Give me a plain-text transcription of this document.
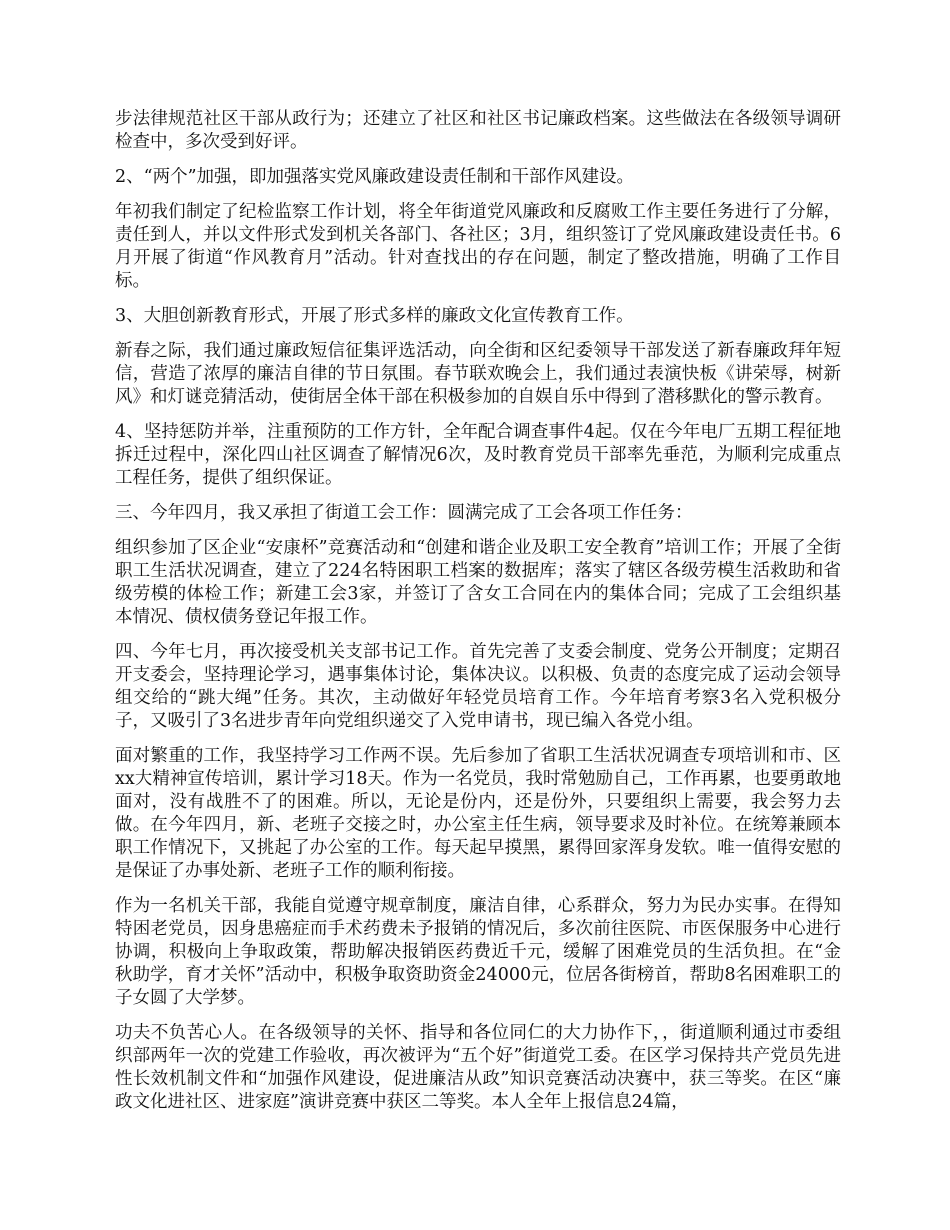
步法律规范社区干部从政行为；还建立了社区和社区书记廉政档案。这些做法在各级领导调研检查中，多次受到好评。

2、“两个”加强，即加强落实党风廉政建设责任制和干部作风建设。

年初我们制定了纪检监察工作计划，将全年街道党风廉政和反腐败工作主要任务进行了分解，责任到人，并以文件形式发到机关各部门、各社区；3月，组织签订了党风廉政建设责任书。6月开展了街道“作风教育月”活动。针对查找出的存在问题，制定了整改措施，明确了工作目标。

3、大胆创新教育形式，开展了形式多样的廉政文化宣传教育工作。

新春之际，我们通过廉政短信征集评选活动，向全街和区纪委领导干部发送了新春廉政拜年短信，营造了浓厚的廉洁自律的节日氛围。春节联欢晚会上，我们通过表演快板《讲荣辱，树新风》和灯谜竞猜活动，使街居全体干部在积极参加的自娱自乐中得到了潜移默化的警示教育。

4、坚持惩防并举，注重预防的工作方针，全年配合调查事件4起。仅在今年电厂五期工程征地拆迁过程中，深化四山社区调查了解情况6次，及时教育党员干部率先垂范，为顺利完成重点工程任务，提供了组织保证。

三、今年四月，我又承担了街道工会工作：圆满完成了工会各项工作任务：

组织参加了区企业“安康杯”竞赛活动和“创建和谐企业及职工安全教育”培训工作；开展了全街职工生活状况调查，建立了224名特困职工档案的数据库；落实了辖区各级劳模生活救助和省级劳模的体检工作；新建工会3家，并签订了含女工合同在内的集体合同；完成了工会组织基本情况、债权债务登记年报工作。

四、今年七月，再次接受机关支部书记工作。首先完善了支委会制度、党务公开制度；定期召开支委会，坚持理论学习，遇事集体讨论，集体决议。以积极、负责的态度完成了运动会领导组交给的“跳大绳”任务。其次，主动做好年轻党员培育工作。今年培育考察3名入党积极分子，又吸引了3名进步青年向党组织递交了入党申请书，现已编入各党小组。

面对繁重的工作，我坚持学习工作两不误。先后参加了省职工生活状况调查专项培训和市、区xx大精神宣传培训，累计学习18天。作为一名党员，我时常勉励自己，工作再累，也要勇敢地面对，没有战胜不了的困难。所以，无论是份内，还是份外，只要组织上需要，我会努力去做。在今年四月，新、老班子交接之时，办公室主任生病，领导要求及时补位。在统筹兼顾本职工作情况下，又挑起了办公室的工作。每天起早摸黑，累得回家浑身发软。唯一值得安慰的是保证了办事处新、老班子工作的顺利衔接。

作为一名机关干部，我能自觉遵守规章制度，廉洁自律，心系群众，努力为民办实事。在得知特困老党员，因身患癌症而手术药费未予报销的情况后，多次前往医院、市医保服务中心进行协调，积极向上争取政策，帮助解决报销医药费近千元，缓解了困难党员的生活负担。在“金秋助学，育才关怀”活动中，积极争取资助资金24000元，位居各街榜首，帮助8名困难职工的子女圆了大学梦。

功夫不负苦心人。在各级领导的关怀、指导和各位同仁的大力协作下，，街道顺利通过市委组织部两年一次的党建工作验收，再次被评为“五个好”街道党工委。在区学习保持共产党员先进性长效机制文件和“加强作风建设，促进廉洁从政”知识竞赛活动决赛中，获三等奖。在区“廉政文化进社区、进家庭”演讲竞赛中获区二等奖。本人全年上报信息24篇，
